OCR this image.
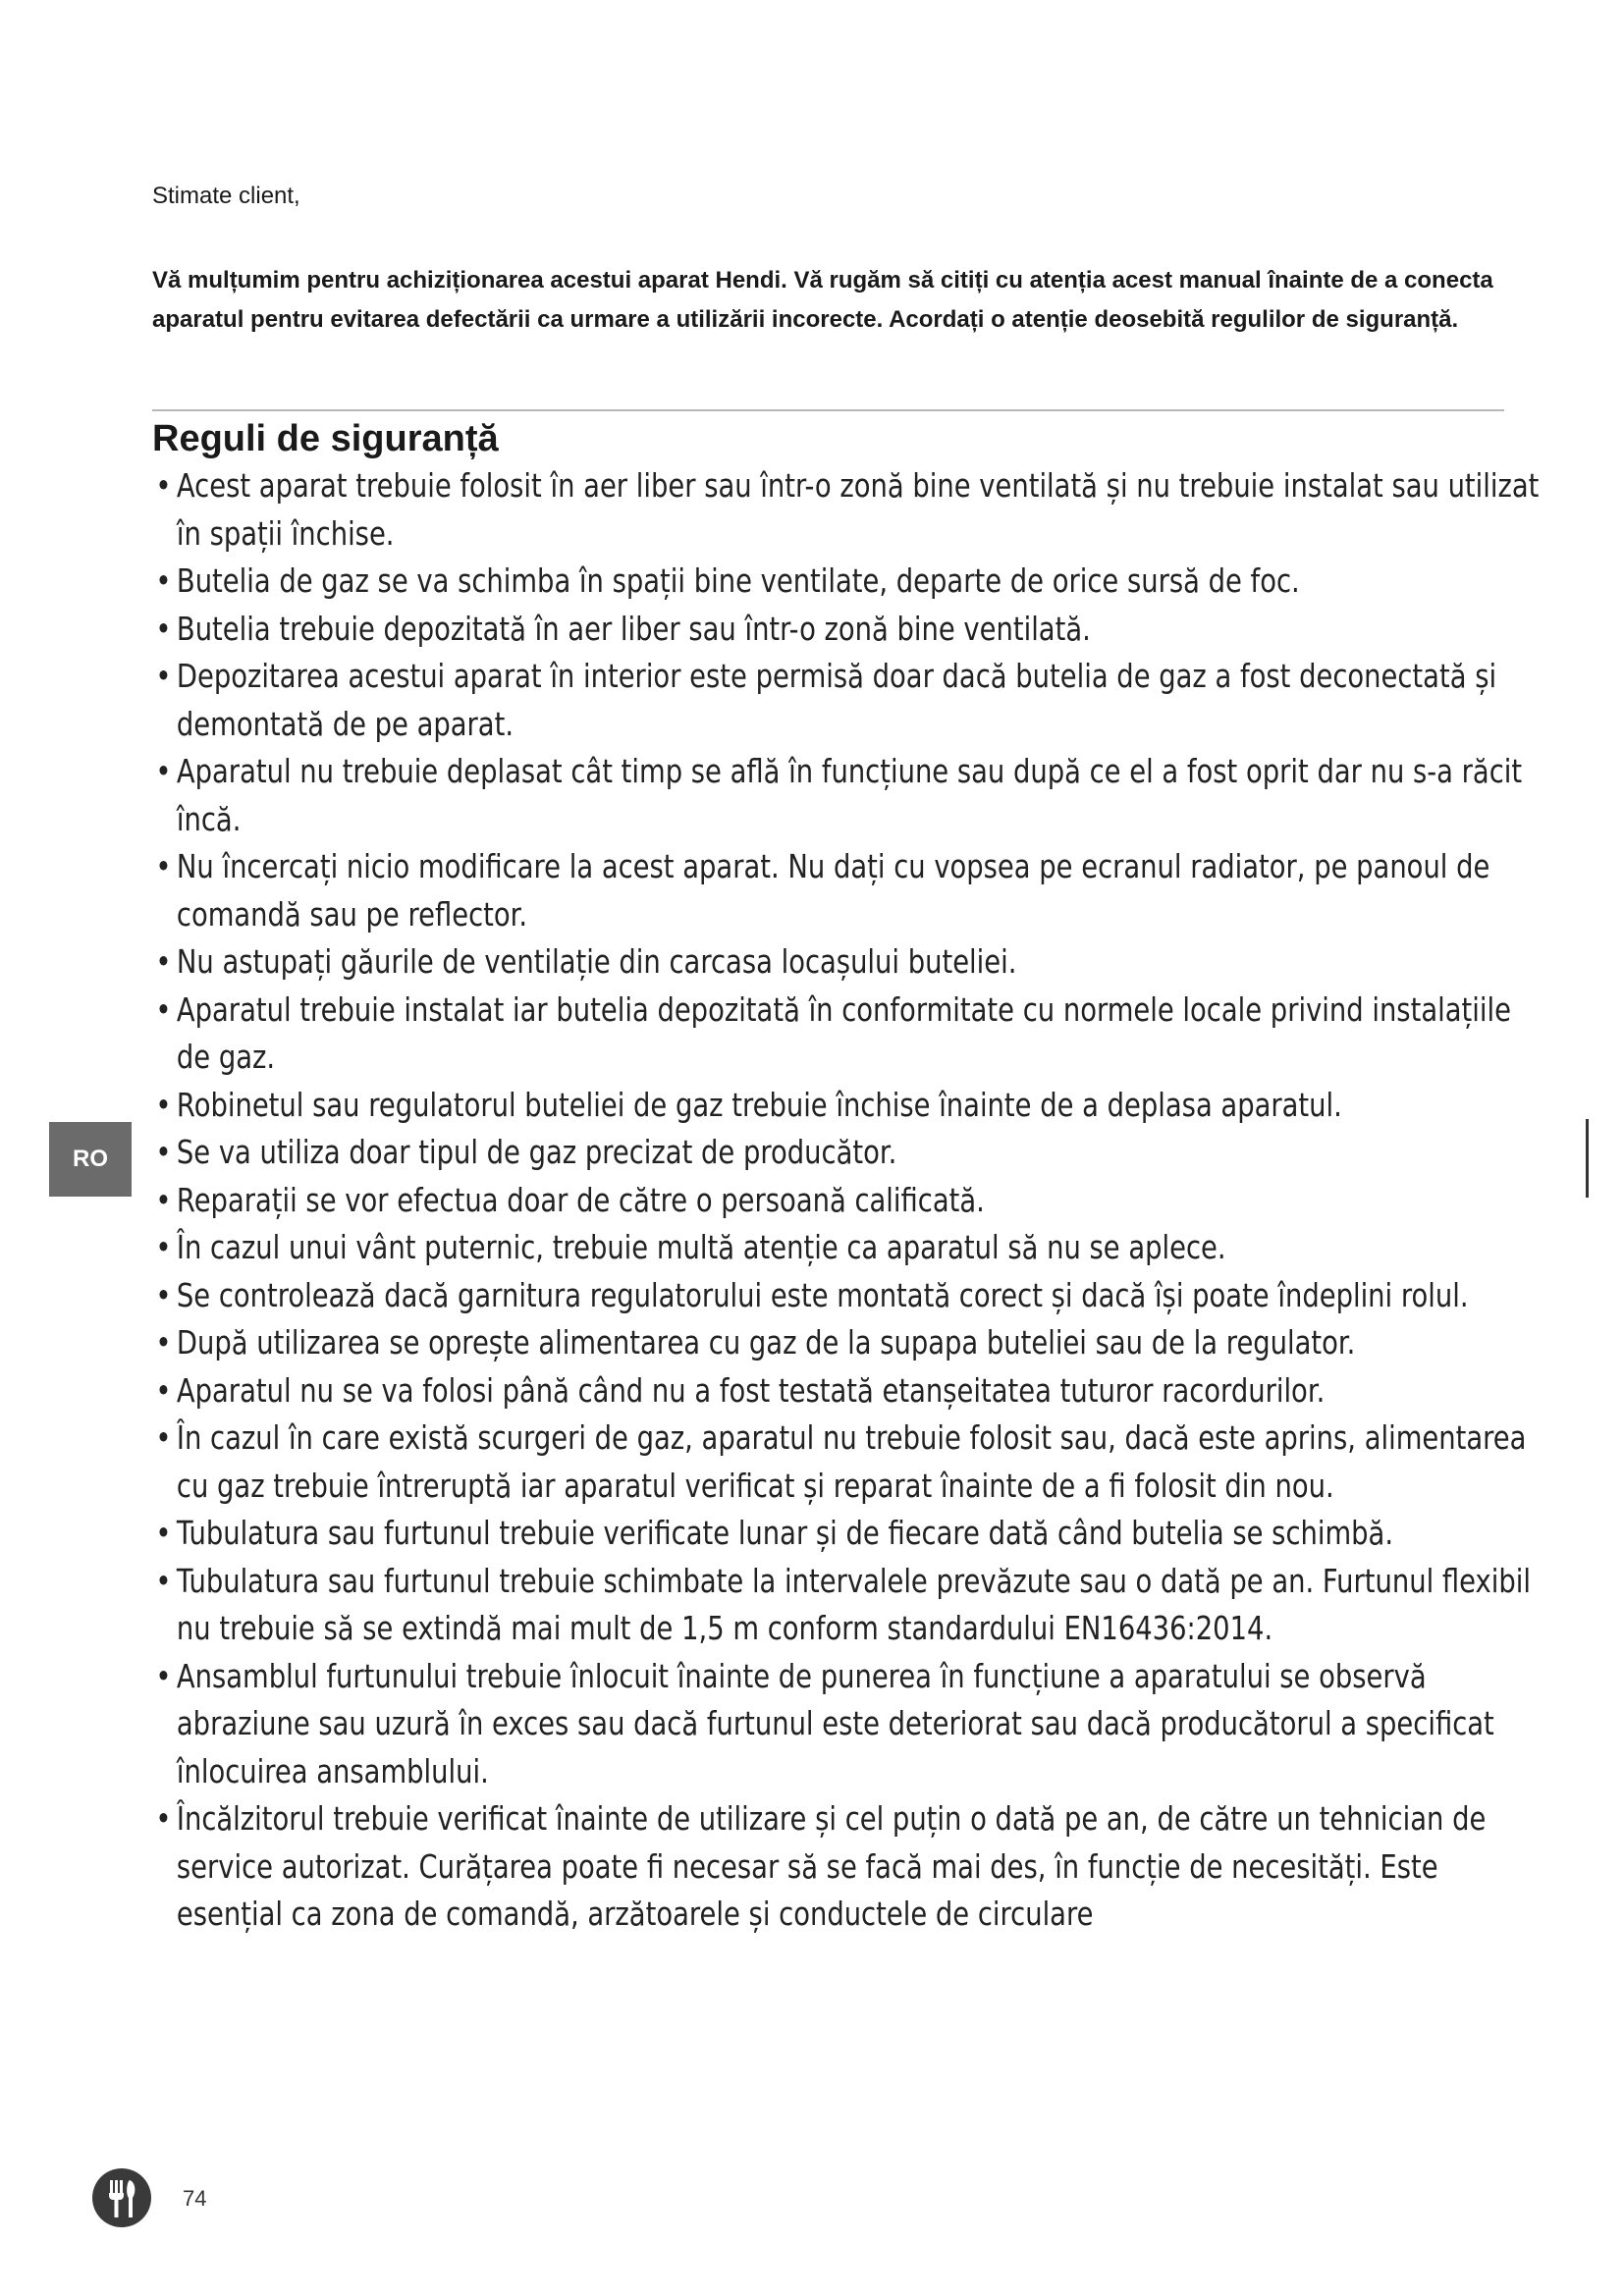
Stimate client,

Vă mulțumim pentru achiziționarea acestui aparat Hendi. Vă rugăm să citiți cu atenția acest manual înainte de a conecta aparatul pentru evitarea defectării ca urmare a utilizării incorecte. Acordați o atenție deosebită regulilor de siguranță.

Reguli de siguranță
• Acest aparat trebuie folosit în aer liber sau într-o zonă bine ventilată și nu trebuie instalat sau utilizat în spații închise.
• Butelia de gaz se va schimba în spații bine ventilate, departe de orice sursă de foc.
• Butelia trebuie depozitată în aer liber sau într-o zonă bine ventilată.
• Depozitarea acestui aparat în interior este permisă doar dacă butelia de gaz a fost deconectată și demontată de pe aparat.
• Aparatul nu trebuie deplasat cât timp se află în funcțiune sau după ce el a fost oprit dar nu s-a răcit încă.
• Nu încercați nicio modificare la acest aparat. Nu dați cu vopsea pe ecranul radiator, pe panoul de comandă sau pe reflector.
• Nu astupați găurile de ventilație din carcasa locașului buteliei.
• Aparatul trebuie instalat iar butelia depozitată în conformitate cu normele locale privind instalațiile de gaz.
• Robinetul sau regulatorul buteliei de gaz trebuie închise înainte de a deplasa aparatul.
• Se va utiliza doar tipul de gaz precizat de producător.
• Reparații se vor efectua doar de către o persoană calificată.
• În cazul unui vânt puternic, trebuie multă atenție ca aparatul să nu se aplece.
• Se controlează dacă garnitura regulatorului este montată corect și dacă își poate îndeplini rolul.
• După utilizarea se oprește alimentarea cu gaz de la supapa buteliei sau de la regulator.
• Aparatul nu se va folosi până când nu a fost testată etanșeitatea tuturor racordurilor.
• În cazul în care există scurgeri de gaz, aparatul nu trebuie folosit sau, dacă este aprins, alimentarea cu gaz trebuie întreruptă iar aparatul verificat și reparat înainte de a fi folosit din nou.
• Tubulatura sau furtunul trebuie verificate lunar și de fiecare dată când butelia se schimbă.
• Tubulatura sau furtunul trebuie schimbate la intervalele prevăzute sau o dată pe an. Furtunul flexibil nu trebuie să se extindă mai mult de 1,5 m conform standardului EN16436:2014.
• Ansamblul furtunului trebuie înlocuit înainte de punerea în funcțiune a aparatului se observă abraziune sau uzură în exces sau dacă furtunul este deteriorat sau dacă producătorul a specificat înlocuirea ansamblului.
• Încălzitorul trebuie verificat înainte de utilizare și cel puțin o dată pe an, de către un tehnician de service autorizat. Curățarea poate fi necesar să se facă mai des, în funcție de necesități. Este esențial ca zona de comandă, arzătoarele și conductele de circulare
RO
74
